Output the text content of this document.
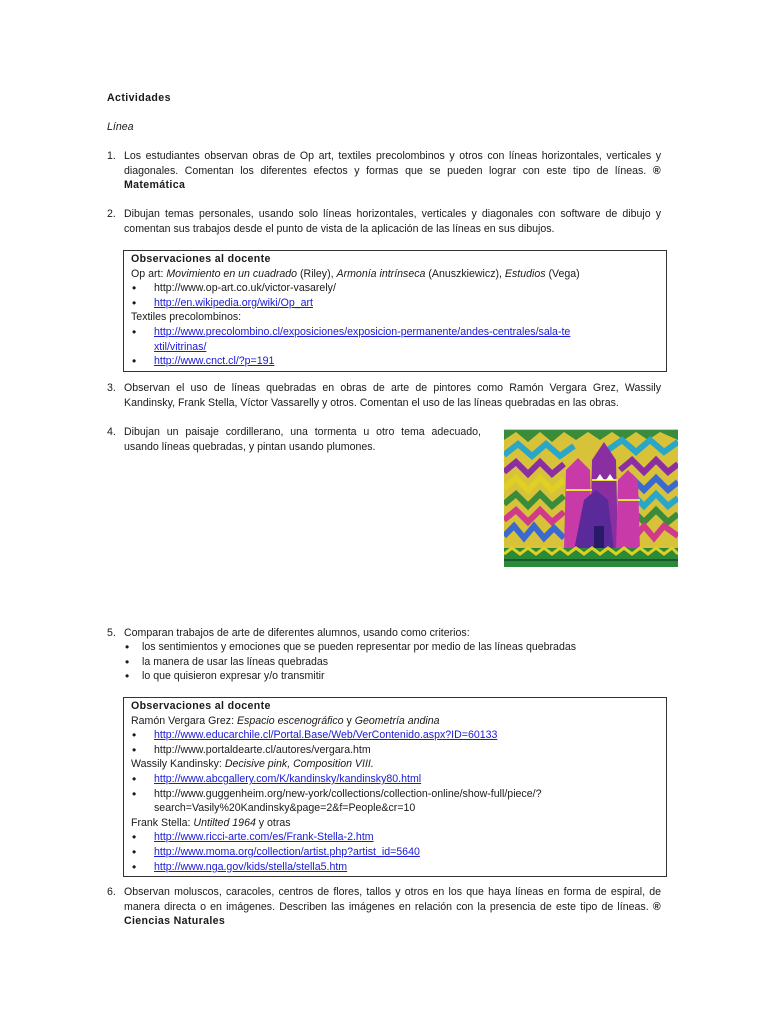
Actividades
Línea
1. Los estudiantes observan obras de Op art, textiles precolombinos y otros con líneas horizontales, verticales y diagonales. Comentan los diferentes efectos y formas que se pueden lograr con este tipo de líneas. ® Matemática
2. Dibujan temas personales, usando solo líneas horizontales, verticales y diagonales con software de dibujo y comentan sus trabajos desde el punto de vista de la aplicación de las líneas en sus dibujos.
Observaciones al docente
Op art: Movimiento en un cuadrado (Riley), Armonía intrínseca (Anuszkiewicz), Estudios (Vega)
• http://www.op-art.co.uk/victor-vasarely/
• http://en.wikipedia.org/wiki/Op_art
Textiles precolombinos:
• http://www.precolombino.cl/exposiciones/exposicion-permanente/andes-centrales/sala-textil/vitrinas/
• http://www.cnct.cl/?p=191
3. Observan el uso de líneas quebradas en obras de arte de pintores como Ramón Vergara Grez, Wassily Kandinsky, Frank Stella, Víctor Vassarelly y otros. Comentan el uso de las líneas quebradas en las obras.
4. Dibujan un paisaje cordillerano, una tormenta u otro tema adecuado, usando líneas quebradas, y pintan usando plumones.
5. Comparan trabajos de arte de diferentes alumnos, usando como criterios:
• los sentimientos y emociones que se pueden representar por medio de las líneas quebradas
• la manera de usar las líneas quebradas
• lo que quisieron expresar y/o transmitir
Observaciones al docente
Ramón Vergara Grez: Espacio escenográfico y Geometría andina
• http://www.educarchile.cl/Portal.Base/Web/VerContenido.aspx?ID=60133
• http://www.portaldearte.cl/autores/vergara.htm
Wassily Kandinsky: Decisive pink, Composition VIII.
• http://www.abcgallery.com/K/kandinsky/kandinsky80.html
• http://www.guggenheim.org/new-york/collections/collection-online/show-full/piece/?search=Vasily%20Kandinsky&page=2&f=People&cr=10
Frank Stella: Untilted 1964 y otras
• http://www.ricci-arte.com/es/Frank-Stella-2.htm
• http://www.moma.org/collection/artist.php?artist_id=5640
• http://www.nga.gov/kids/stella/stella5.htm
6. Observan moluscos, caracoles, centros de flores, tallos y otros en los que haya líneas en forma de espiral, de manera directa o en imágenes. Describen las imágenes en relación con la presencia de este tipo de líneas. ® Ciencias Naturales
